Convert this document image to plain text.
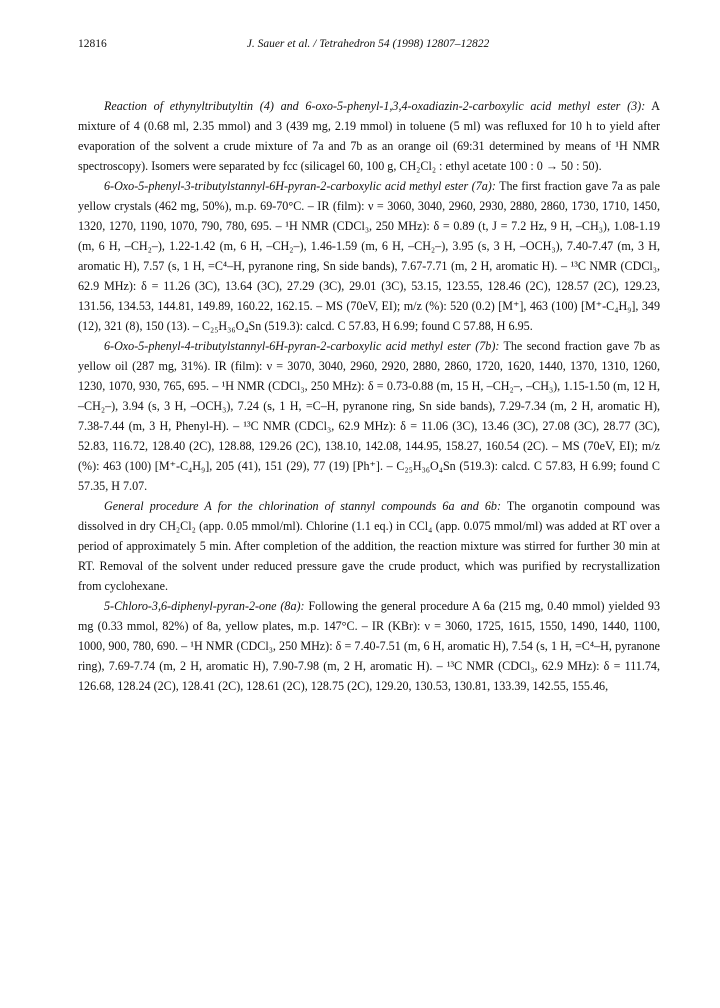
12816	J. Sauer et al. / Tetrahedron 54 (1998) 12807–12822

Reaction of ethynyltributyltin (4) and 6-oxo-5-phenyl-1,3,4-oxadiazin-2-carboxylic acid methyl ester (3): A mixture of 4 (0.68 ml, 2.35 mmol) and 3 (439 mg, 2.19 mmol) in toluene (5 ml) was refluxed for 10 h to yield after evaporation of the solvent a crude mixture of 7a and 7b as an orange oil (69:31 determined by means of ¹H NMR spectroscopy). Isomers were separated by fcc (silicagel 60, 100 g, CH₂Cl₂ : ethyl acetate 100 : 0 → 50 : 50).

6-Oxo-5-phenyl-3-tributylstannyl-6H-pyran-2-carboxylic acid methyl ester (7a): The first fraction gave 7a as pale yellow crystals (462 mg, 50%), m.p. 69-70°C. – IR (film): ν = 3060, 3040, 2960, 2930, 2880, 2860, 1730, 1710, 1450, 1320, 1270, 1190, 1070, 790, 780, 695. – ¹H NMR (CDCl₃, 250 MHz): δ = 0.89 (t, J = 7.2 Hz, 9 H, –CH₃), 1.08-1.19 (m, 6 H, –CH₂–), 1.22-1.42 (m, 6 H, –CH₂–), 1.46-1.59 (m, 6 H, –CH₂–), 3.95 (s, 3 H, –OCH₃), 7.40-7.47 (m, 3 H, aromatic H), 7.57 (s, 1 H, =C⁴–H, pyranone ring, Sn side bands), 7.67-7.71 (m, 2 H, aromatic H). – ¹³C NMR (CDCl₃, 62.9 MHz): δ = 11.26 (3C), 13.64 (3C), 27.29 (3C), 29.01 (3C), 53.15, 123.55, 128.46 (2C), 128.57 (2C), 129.23, 131.56, 134.53, 144.81, 149.89, 160.22, 162.15. – MS (70eV, EI); m/z (%): 520 (0.2) [M⁺], 463 (100) [M⁺-C₄H₉], 349 (12), 321 (8), 150 (13). – C₂₅H₃₆O₄Sn (519.3): calcd. C 57.83, H 6.99; found C 57.88, H 6.95.

6-Oxo-5-phenyl-4-tributylstannyl-6H-pyran-2-carboxylic acid methyl ester (7b): The second fraction gave 7b as yellow oil (287 mg, 31%). IR (film): ν = 3070, 3040, 2960, 2920, 2880, 2860, 1720, 1620, 1440, 1370, 1310, 1260, 1230, 1070, 930, 765, 695. – ¹H NMR (CDCl₃, 250 MHz): δ = 0.73-0.88 (m, 15 H, –CH₂–, –CH₃), 1.15-1.50 (m, 12 H, –CH₂–), 3.94 (s, 3 H, –OCH₃), 7.24 (s, 1 H, =C–H, pyranone ring, Sn side bands), 7.29-7.34 (m, 2 H, aromatic H), 7.38-7.44 (m, 3 H, Phenyl-H). – ¹³C NMR (CDCl₃, 62.9 MHz): δ = 11.06 (3C), 13.46 (3C), 27.08 (3C), 28.77 (3C), 52.83, 116.72, 128.40 (2C), 128.88, 129.26 (2C), 138.10, 142.08, 144.95, 158.27, 160.54 (2C). – MS (70eV, EI); m/z (%): 463 (100) [M⁺-C₄H₉], 205 (41), 151 (29), 77 (19) [Ph⁺]. – C₂₅H₃₆O₄Sn (519.3): calcd. C 57.83, H 6.99; found C 57.35, H 7.07.

General procedure A for the chlorination of stannyl compounds 6a and 6b: The organotin compound was dissolved in dry CH₂Cl₂ (app. 0.05 mmol/ml). Chlorine (1.1 eq.) in CCl₄ (app. 0.075 mmol/ml) was added at RT over a period of approximately 5 min. After completion of the addition, the reaction mixture was stirred for further 30 min at RT. Removal of the solvent under reduced pressure gave the crude product, which was purified by recrystallization from cyclohexane.

5-Chloro-3,6-diphenyl-pyran-2-one (8a): Following the general procedure A 6a (215 mg, 0.40 mmol) yielded 93 mg (0.33 mmol, 82%) of 8a, yellow plates, m.p. 147°C. – IR (KBr): ν = 3060, 1725, 1615, 1550, 1490, 1440, 1100, 1000, 900, 780, 690. – ¹H NMR (CDCl₃, 250 MHz): δ = 7.40-7.51 (m, 6 H, aromatic H), 7.54 (s, 1 H, =C⁴–H, pyranone ring), 7.69-7.74 (m, 2 H, aromatic H), 7.90-7.98 (m, 2 H, aromatic H). – ¹³C NMR (CDCl₃, 62.9 MHz): δ = 111.74, 126.68, 128.24 (2C), 128.41 (2C), 128.61 (2C), 128.75 (2C), 129.20, 130.53, 130.81, 133.39, 142.55, 155.46,
